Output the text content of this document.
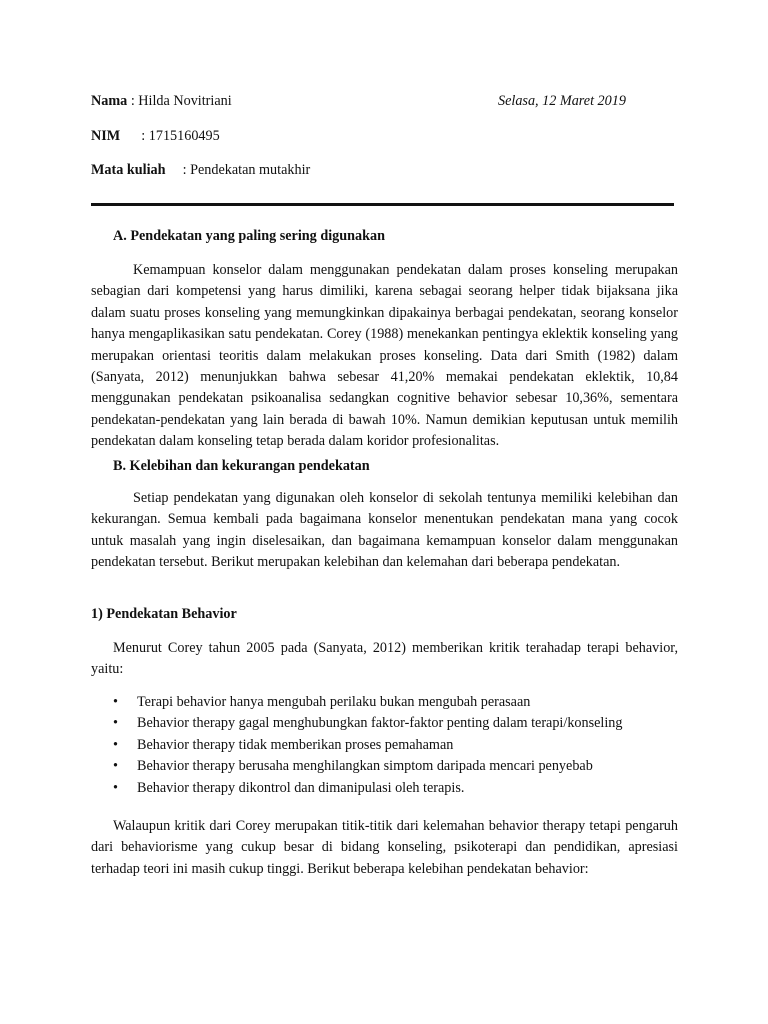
Nama : Hilda Novitriani	Selasa, 12 Maret 2019
NIM : 1715160495
Mata kuliah : Pendekatan mutakhir
A. Pendekatan yang paling sering digunakan
Kemampuan konselor dalam menggunakan pendekatan dalam proses konseling merupakan sebagian dari kompetensi yang harus dimiliki, karena sebagai seorang helper tidak bijaksana jika dalam suatu proses konseling yang memungkinkan dipakainya berbagai pendekatan, seorang konselor hanya mengaplikasikan satu pendekatan. Corey (1988) menekankan pentingya eklektik konseling yang merupakan orientasi teoritis dalam melakukan proses konseling. Data dari Smith (1982) dalam (Sanyata, 2012) menunjukkan bahwa sebesar 41,20% memakai pendekatan eklektik, 10,84 menggunakan pendekatan psikoanalisa sedangkan cognitive behavior sebesar 10,36%, sementara pendekatan-pendekatan yang lain berada di bawah 10%. Namun demikian keputusan untuk memilih pendekatan dalam konseling tetap berada dalam koridor profesionalitas.
B. Kelebihan dan kekurangan pendekatan
Setiap pendekatan yang digunakan oleh konselor di sekolah tentunya memiliki kelebihan dan kekurangan. Semua kembali pada bagaimana konselor menentukan pendekatan mana yang cocok untuk masalah yang ingin diselesaikan, dan bagaimana kemampuan konselor dalam menggunakan pendekatan tersebut. Berikut merupakan kelebihan dan kelemahan dari beberapa pendekatan.
1) Pendekatan Behavior
Menurut Corey tahun 2005 pada (Sanyata, 2012) memberikan kritik terahadap terapi behavior, yaitu:
• Terapi behavior hanya mengubah perilaku bukan mengubah perasaan
• Behavior therapy gagal menghubungkan faktor-faktor penting dalam terapi/konseling
• Behavior therapy tidak memberikan proses pemahaman
• Behavior therapy berusaha menghilangkan simptom daripada mencari penyebab
• Behavior therapy dikontrol dan dimanipulasi oleh terapis.
Walaupun kritik dari Corey merupakan titik-titik dari kelemahan behavior therapy tetapi pengaruh dari behaviorisme yang cukup besar di bidang konseling, psikoterapi dan pendidikan, apresiasi terhadap teori ini masih cukup tinggi. Berikut beberapa kelebihan pendekatan behavior:
